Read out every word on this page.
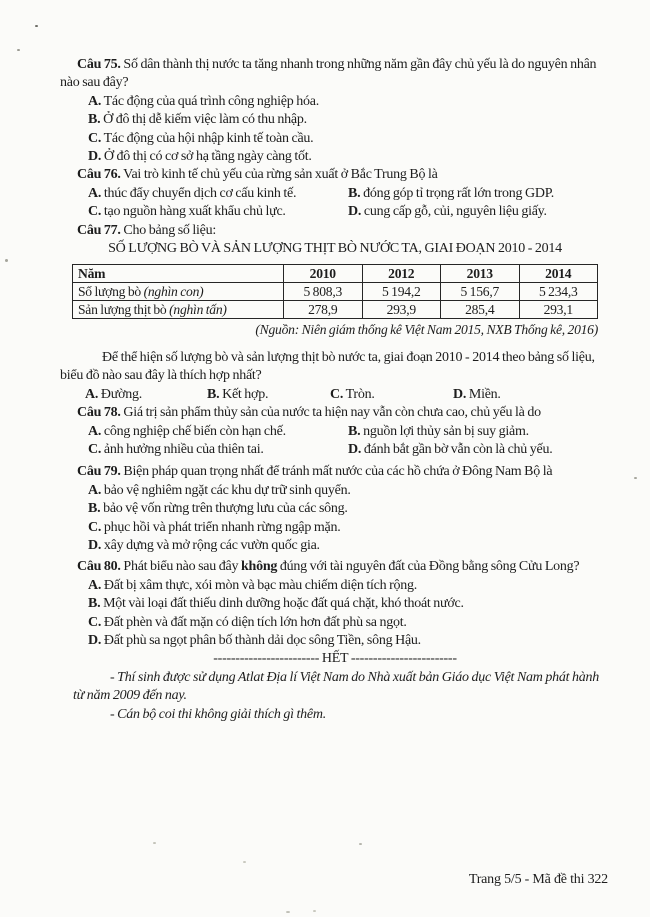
Câu 75. Số dân thành thị nước ta tăng nhanh trong những năm gần đây chủ yếu là do nguyên nhân nào sau đây?

A. Tác động của quá trình công nghiệp hóa.

B. Ở đô thị dễ kiếm việc làm có thu nhập.

C. Tác động của hội nhập kinh tế toàn cầu.

D. Ở đô thị có cơ sở hạ tầng ngày càng tốt.

Câu 76. Vai trò kinh tế chủ yếu của rừng sản xuất ở Bắc Trung Bộ là

A. thúc đẩy chuyển dịch cơ cấu kinh tế.	B. đóng góp tỉ trọng rất lớn trong GDP.

C. tạo nguồn hàng xuất khẩu chủ lực.	D. cung cấp gỗ, củi, nguyên liệu giấy.

Câu 77. Cho bảng số liệu:

SỐ LƯỢNG BÒ VÀ SẢN LƯỢNG THỊT BÒ NƯỚC TA, GIAI ĐOẠN 2010 - 2014

Năm	2010	2012	2013	2014
Số lượng bò (nghìn con)	5 808,3	5 194,2	5 156,7	5 234,3
Sản lượng thịt bò (nghìn tấn)	278,9	293,9	285,4	293,1

(Nguồn: Niên giám thống kê Việt Nam 2015, NXB Thống kê, 2016)

Để thể hiện số lượng bò và sản lượng thịt bò nước ta, giai đoạn 2010 - 2014 theo bảng số liệu, biểu đồ nào sau đây là thích hợp nhất?

A. Đường.	B. Kết hợp.	C. Tròn.	D. Miền.

Câu 78. Giá trị sản phẩm thủy sản của nước ta hiện nay vẫn còn chưa cao, chủ yếu là do

A. công nghiệp chế biến còn hạn chế.	B. nguồn lợi thủy sản bị suy giảm.

C. ảnh hưởng nhiều của thiên tai.	D. đánh bắt gần bờ vẫn còn là chủ yếu.

Câu 79. Biện pháp quan trọng nhất để tránh mất nước của các hồ chứa ở Đông Nam Bộ là

A. bảo vệ nghiêm ngặt các khu dự trữ sinh quyển.

B. bảo vệ vốn rừng trên thượng lưu của các sông.

C. phục hồi và phát triển nhanh rừng ngập mặn.

D. xây dựng và mở rộng các vườn quốc gia.

Câu 80. Phát biểu nào sau đây không đúng với tài nguyên đất của Đồng bằng sông Cửu Long?

A. Đất bị xâm thực, xói mòn và bạc màu chiếm diện tích rộng.

B. Một vài loại đất thiếu dinh dưỡng hoặc đất quá chặt, khó thoát nước.

C. Đất phèn và đất mặn có diện tích lớn hơn đất phù sa ngọt.

D. Đất phù sa ngọt phân bố thành dải dọc sông Tiền, sông Hậu.

------------------------ HẾT ------------------------

- Thí sinh được sử dụng Atlat Địa lí Việt Nam do Nhà xuất bản Giáo dục Việt Nam phát hành từ năm 2009 đến nay.

- Cán bộ coi thi không giải thích gì thêm.

Trang 5/5 - Mã đề thi 322
